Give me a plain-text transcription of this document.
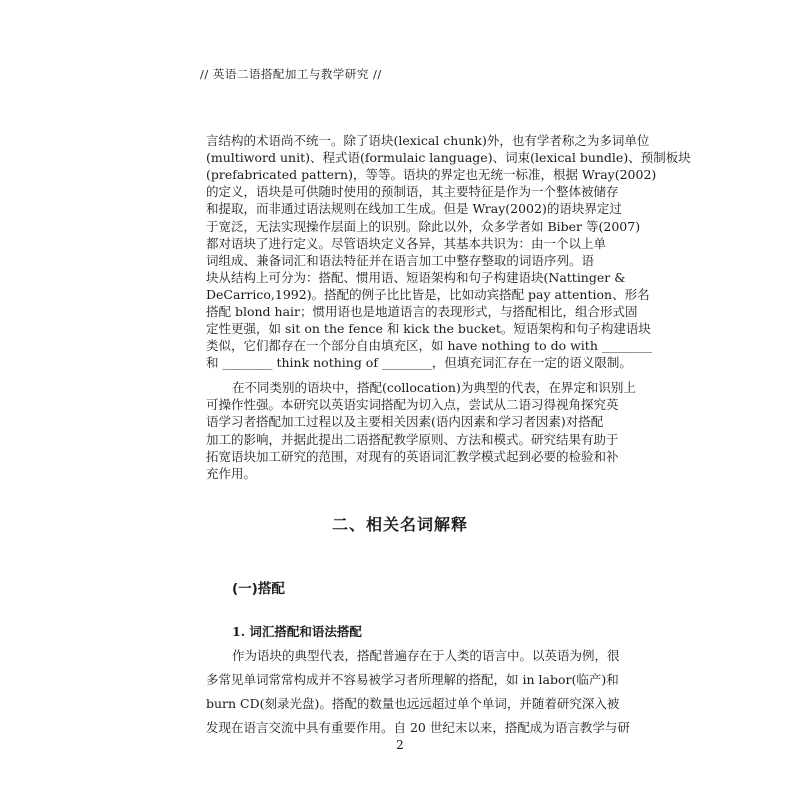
// 英语二语搭配加工与教学研究 //
言结构的术语尚不统一。除了语块(lexical chunk)外，也有学者称之为多词单位
(multiword unit)、程式语(formulaic language)、词束(lexical bundle)、预制板块
(prefabricated pattern)，等等。语块的界定也无统一标准，根据 Wray(2002)
的定义，语块是可供随时使用的预制语，其主要特征是作为一个整体被储存
和提取，而非通过语法规则在线加工生成。但是 Wray(2002)的语块界定过
于宽泛，无法实现操作层面上的识别。除此以外，众多学者如 Biber 等(2007)
都对语块了进行定义。尽管语块定义各异，其基本共识为：由一个以上单
词组成、兼备词汇和语法特征并在语言加工中整存整取的词语序列。语
块从结构上可分为：搭配、惯用语、短语架构和句子构建语块(Nattinger &
DeCarrico,1992)。搭配的例子比比皆是，比如动宾搭配 pay attention、形名
搭配 blond hair；惯用语也是地道语言的表现形式，与搭配相比，组合形式固
定性更强，如 sit on the fence 和 kick the bucket。短语架构和句子构建语块
类似，它们都存在一个部分自由填充区，如 have nothing to do with ________
和 ________ think nothing of ________，但填充词汇存在一定的语义限制。
二、相关名词解释
(一)搭配
1. 词汇搭配和语法搭配
作为语块的典型代表，搭配普遍存在于人类的语言中。以英语为例，很
多常见单词常常构成并不容易被学习者所理解的搭配，如 in labor(临产)和
burn CD(刻录光盘)。搭配的数量也远远超过单个单词，并随着研究深入被
发现在语言交流中具有重要作用。自 20 世纪末以来，搭配成为语言教学与研
2
在不同类别的语块中，搭配(collocation)为典型的代表，在界定和识别上
可操作性强。本研究以英语实词搭配为切入点，尝试从二语习得视角探究英
语学习者搭配加工过程以及主要相关因素(语内因素和学习者因素)对搭配
加工的影响，并据此提出二语搭配教学原则、方法和模式。研究结果有助于
拓宽语块加工研究的范围，对现有的英语词汇教学模式起到必要的检验和补
充作用。
